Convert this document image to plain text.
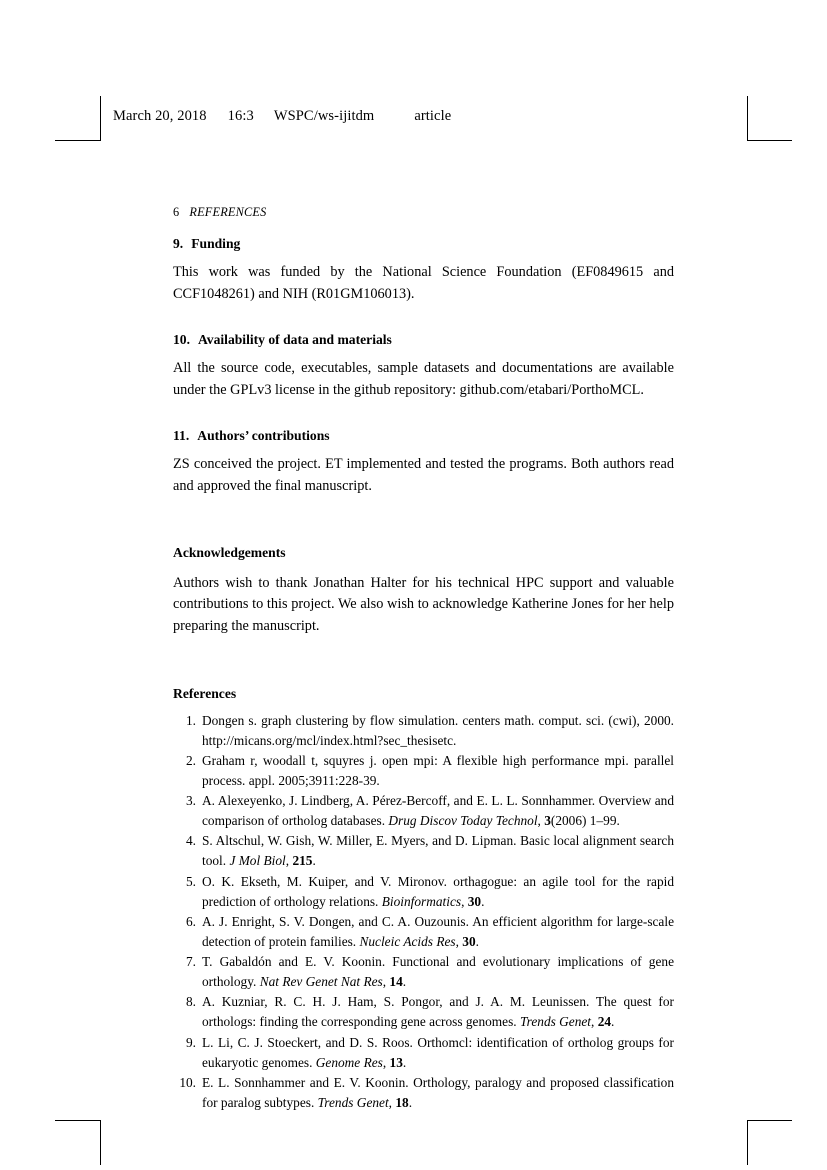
March 20, 2018 16:3 WSPC/ws-ijitdm	article
6 REFERENCES
9. Funding

This work was funded by the National Science Foundation (EF0849615 and CCF1048261) and NIH (R01GM106013).

10. Availability of data and materials

All the source code, executables, sample datasets and documentations are available under the GPLv3 license in the github repository: github.com/etabari/PorthoMCL.

11. Authors’ contributions

ZS conceived the project. ET implemented and tested the programs. Both authors read and approved the final manuscript.

Acknowledgements

Authors wish to thank Jonathan Halter for his technical HPC support and valuable contributions to this project. We also wish to acknowledge Katherine Jones for her help preparing the manuscript.

References
1. Dongen s. graph clustering by flow simulation. centers math. comput. sci. (cwi), 2000. http://micans.org/mcl/index.html?sec_thesisetc.
2. Graham r, woodall t, squyres j. open mpi: A flexible high performance mpi. parallel process. appl. 2005;3911:228-39.
3. A. Alexeyenko, J. Lindberg, A. Pérez-Bercoff, and E. L. L. Sonnhammer. Overview and comparison of ortholog databases. Drug Discov Today Technol, 3(2006) 1–99.
4. S. Altschul, W. Gish, W. Miller, E. Myers, and D. Lipman. Basic local alignment search tool. J Mol Biol, 215.
5. O. K. Ekseth, M. Kuiper, and V. Mironov. orthagogue: an agile tool for the rapid prediction of orthology relations. Bioinformatics, 30.
6. A. J. Enright, S. V. Dongen, and C. A. Ouzounis. An efficient algorithm for large-scale detection of protein families. Nucleic Acids Res, 30.
7. T. Gabaldón and E. V. Koonin. Functional and evolutionary implications of gene orthology. Nat Rev Genet Nat Res, 14.
8. A. Kuzniar, R. C. H. J. Ham, S. Pongor, and J. A. M. Leunissen. The quest for orthologs: finding the corresponding gene across genomes. Trends Genet, 24.
9. L. Li, C. J. Stoeckert, and D. S. Roos. Orthomcl: identification of ortholog groups for eukaryotic genomes. Genome Res, 13.
10. E. L. Sonnhammer and E. V. Koonin. Orthology, paralogy and proposed classification for paralog subtypes. Trends Genet, 18.
